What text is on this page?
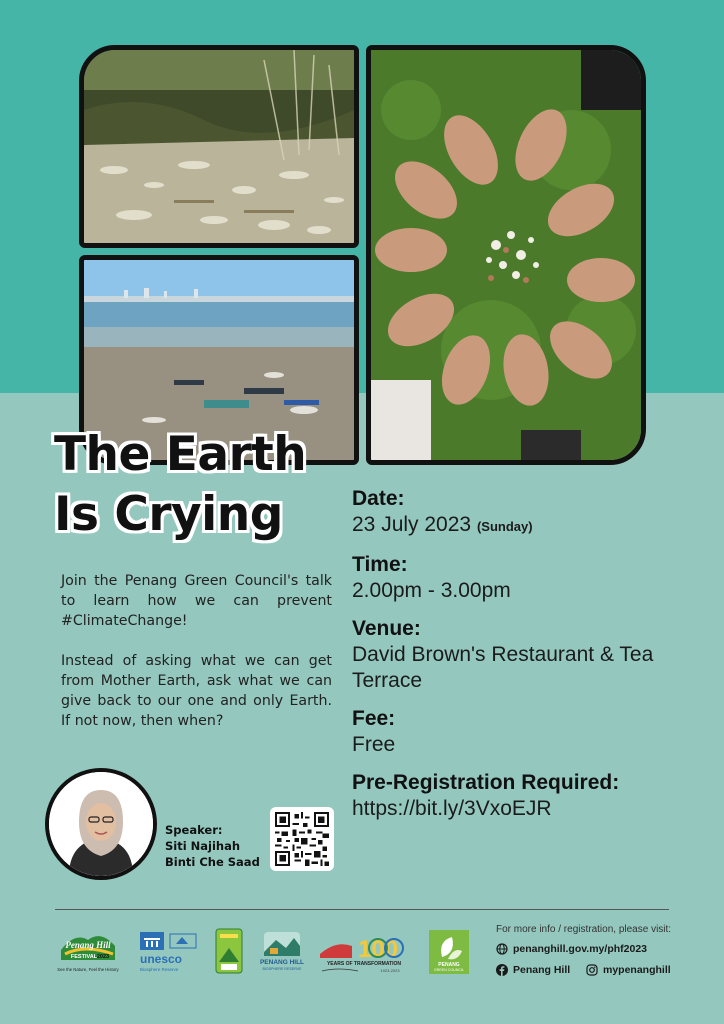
The Earth
Is Crying

Join the Penang Green Council's talk to learn how we can prevent #ClimateChange!

Instead of asking what we can get from Mother Earth, ask what we can give back to our one and only Earth. If not now, then when?

Date:
23 July 2023 (Sunday)
Time:
2.00pm - 3.00pm
Venue:
David Brown's Restaurant & Tea Terrace
Fee:
Free
Pre-Registration Required:
https://bit.ly/3VxoEJR
Speaker:
Siti Najihah
Binti Che Saad
Penang Hill
FESTIVAL 2023
See the Nature, Feel the History
unesco
Biosphere Reserve
PENANG HILL
BIOSPHERE RESERVE
100
YEARS OF TRANSFORMATION
1923-2023
PENANG
GREEN COUNCIL
For more info / registration, please visit:
penanghill.gov.my/phf2023
Penang Hill	mypenanghill
